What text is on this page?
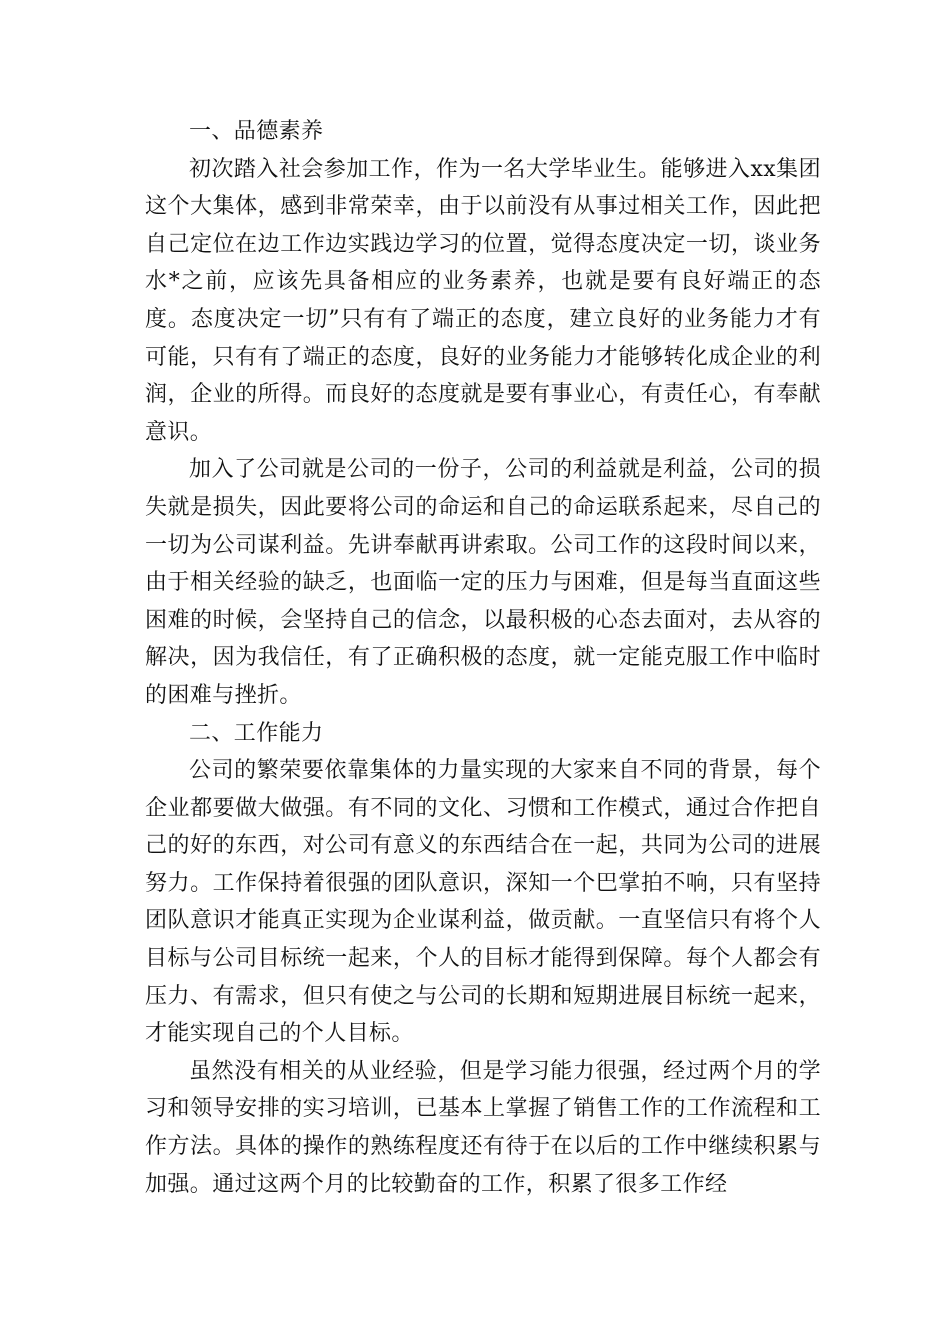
一、品德素养

初次踏入社会参加工作，作为一名大学毕业生。能够进入xx集团这个大集体，感到非常荣幸，由于以前没有从事过相关工作，因此把自己定位在边工作边实践边学习的位置，觉得态度决定一切，谈业务水*之前，应该先具备相应的业务素养，也就是要有良好端正的态度。态度决定一切”只有有了端正的态度，建立良好的业务能力才有可能，只有有了端正的态度，良好的业务能力才能够转化成企业的利润，企业的所得。而良好的态度就是要有事业心，有责任心，有奉献意识。

加入了公司就是公司的一份子，公司的利益就是利益，公司的损失就是损失，因此要将公司的命运和自己的命运联系起来，尽自己的一切为公司谋利益。先讲奉献再讲索取。公司工作的这段时间以来，由于相关经验的缺乏，也面临一定的压力与困难，但是每当直面这些困难的时候，会坚持自己的信念，以最积极的心态去面对，去从容的解决，因为我信任，有了正确积极的态度，就一定能克服工作中临时的困难与挫折。

二、工作能力

公司的繁荣要依靠集体的力量实现的大家来自不同的背景，每个企业都要做大做强。有不同的文化、习惯和工作模式，通过合作把自己的好的东西，对公司有意义的东西结合在一起，共同为公司的进展努力。工作保持着很强的团队意识，深知一个巴掌拍不响，只有坚持团队意识才能真正实现为企业谋利益，做贡献。一直坚信只有将个人目标与公司目标统一起来，个人的目标才能得到保障。每个人都会有压力、有需求，但只有使之与公司的长期和短期进展目标统一起来，才能实现自己的个人目标。

虽然没有相关的从业经验，但是学习能力很强，经过两个月的学习和领导安排的实习培训，已基本上掌握了销售工作的工作流程和工作方法。具体的操作的熟练程度还有待于在以后的工作中继续积累与加强。通过这两个月的比较勤奋的工作，积累了很多工作经
